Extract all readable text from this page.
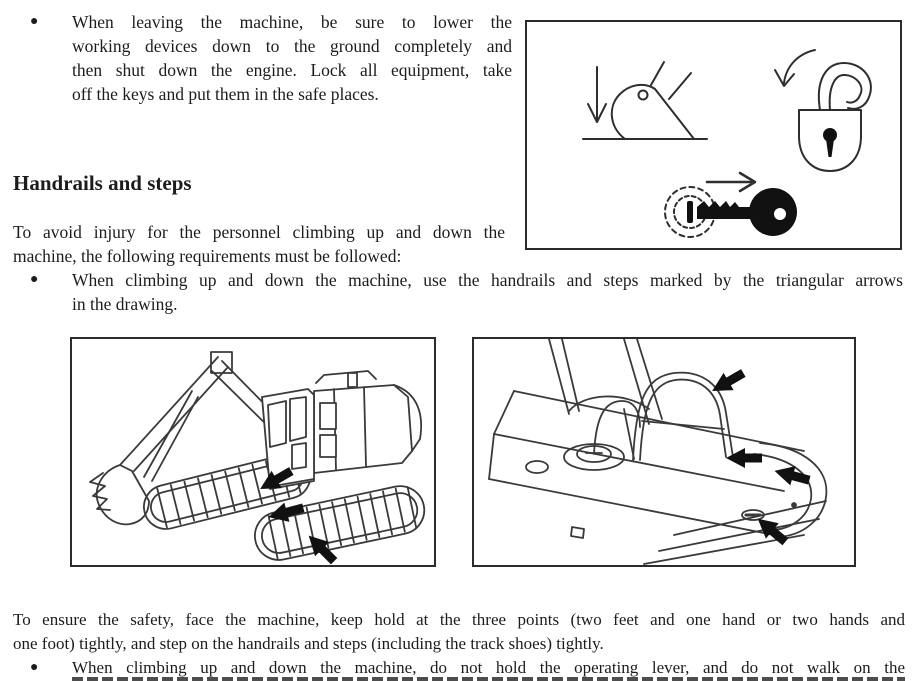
● When leaving the machine, be sure to lower the
working devices down to the ground completely and
then shut down the engine. Lock all equipment, take
off the keys and put them in the safe places.
Handrails and steps
To avoid injury for the personnel climbing up and down the
machine, the following requirements must be followed:
● When climbing up and down the machine, use the handrails and steps marked by the triangular arrows
in the drawing.
To ensure the safety, face the machine, keep hold at the three points (two feet and one hand or two hands and
one foot) tightly, and step on the handrails and steps (including the track shoes) tightly.
● When climbing up and down the machine, do not hold the operating lever, and do not walk on the
